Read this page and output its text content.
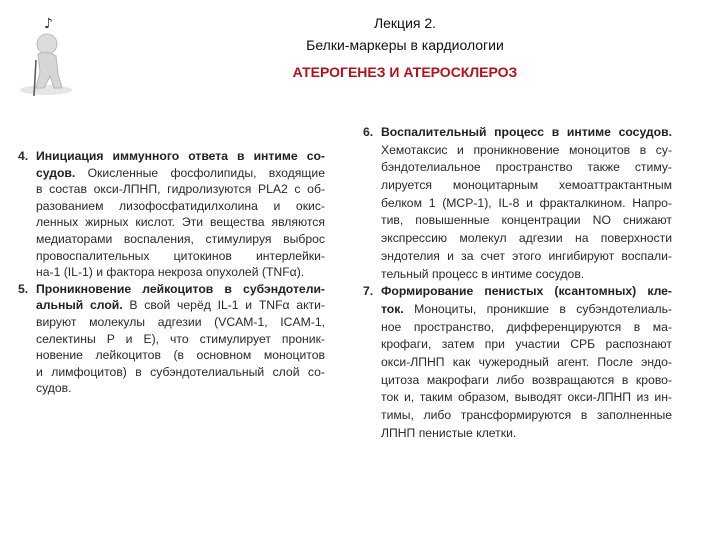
♪	Лекция 2.
Белки-маркеры в кардиологии
АТЕРОГЕНЕЗ И АТЕРОСКЛЕРОЗ
4. Инициация иммунного ответа в интиме со-
судов. Окисленные фосфолипиды, входящие
в состав окси-ЛПНП, гидролизуются PLA2 с об-
разованием лизофосфатидилхолина и окис-
ленных жирных кислот. Эти вещества являются
медиаторами воспаления, стимулируя выброс
провоспалительных цитокинов интерлейки-
на-1 (IL-1) и фактора некроза опухолей (TNFα).
5. Проникновение лейкоцитов в субэндотели-
альный слой. В свой черёд IL-1 и TNFα акти-
вируют молекулы адгезии (VCAM-1, ICAM-1,
селектины P и E), что стимулирует проник-
новение лейкоцитов (в основном моноцитов
и лимфоцитов) в субэндотелиальный слой со-
судов.
6. Воспалительный процесс в интиме сосудов.
Хемотаксис и проникновение моноцитов в су-
бэндотелиальное пространство также стиму-
лируется моноцитарным хемоаттрактантным
белком 1 (MCP-1), IL-8 и фракталкином. Напро-
тив, повышенные концентрации NO снижают
экспрессию молекул адгезии на поверхности
эндотелия и за счет этого ингибируют воспали-
тельный процесс в интиме сосудов.
7. Формирование пенистых (ксантомных) кле-
ток. Моноциты, проникшие в субэндотелиаль-
ное пространство, дифференцируются в ма-
крофаги, затем при участии СРБ распознают
окси-ЛПНП как чужеродный агент. После эндо-
цитоза макрофаги либо возвращаются в крово-
ток и, таким образом, выводят окси-ЛПНП из ин-
тимы, либо трансформируются в заполненные
ЛПНП пенистые клетки.
